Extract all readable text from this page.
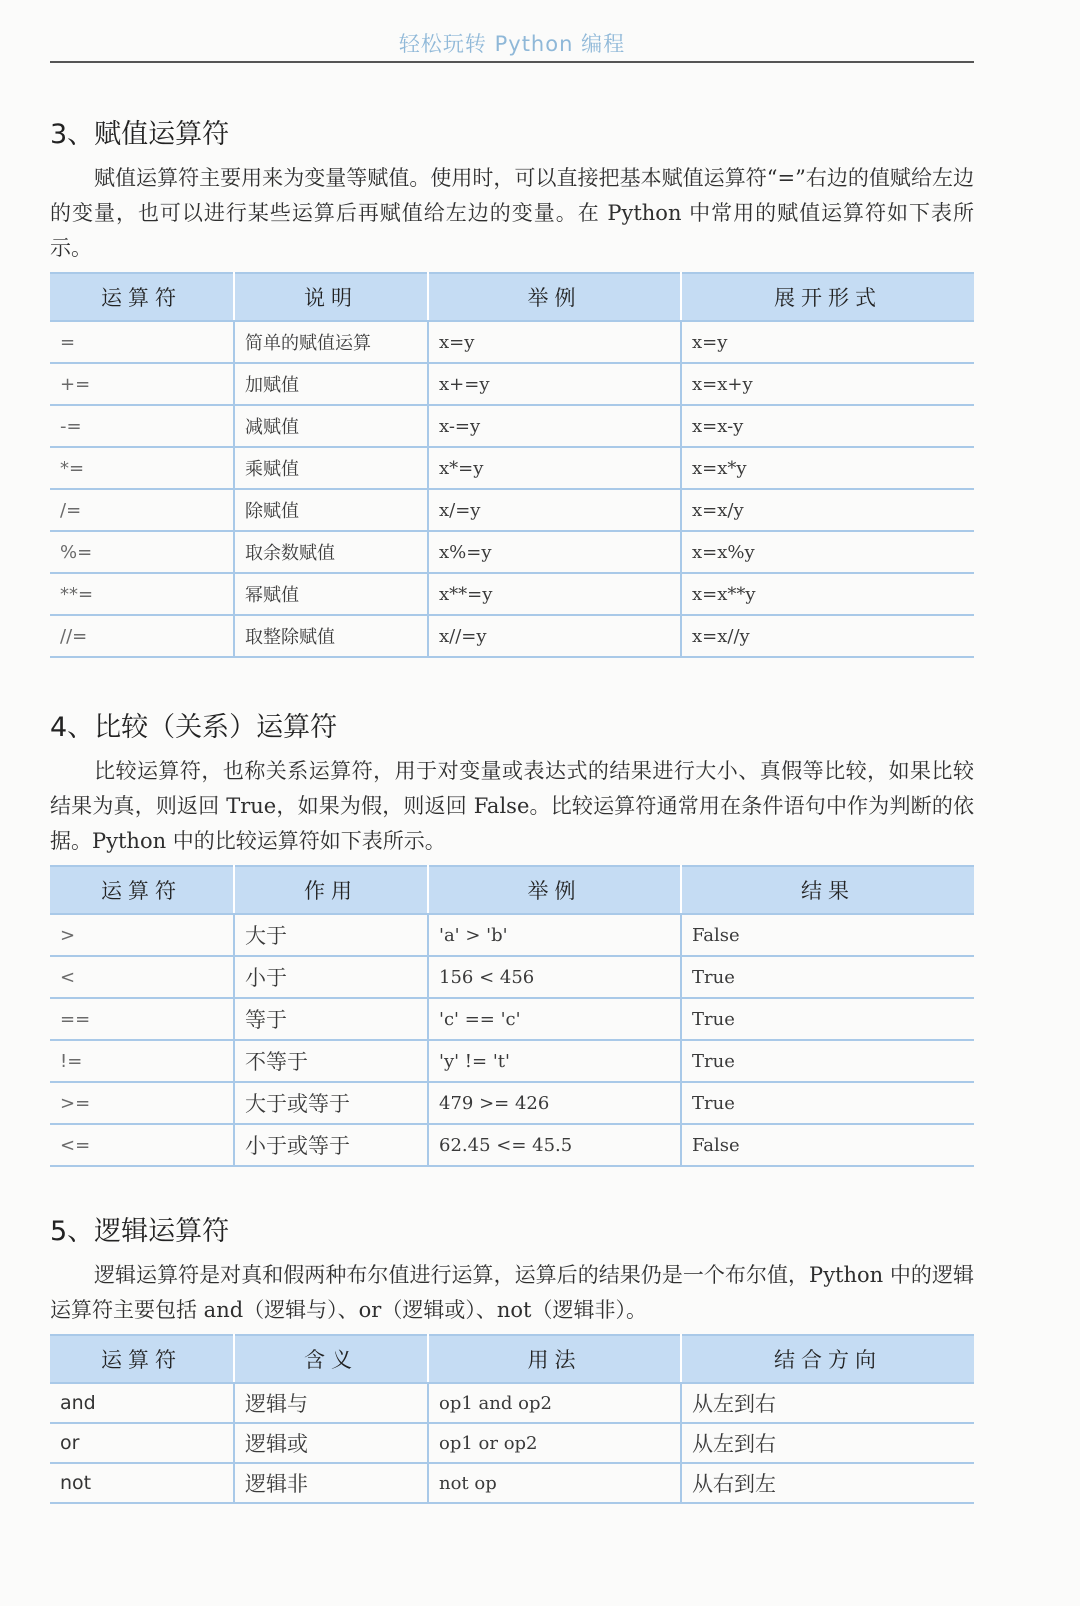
轻松玩转 Python 编程
3、赋值运算符

赋值运算符主要用来为变量等赋值。使用时，可以直接把基本赋值运算符“=”右边的值赋给左边的变量，也可以进行某些运算后再赋值给左边的变量。在 Python 中常用的赋值运算符如下表所示。

运算符	说明	举例	展开形式
=	简单的赋值运算	x=y	x=y
+=	加赋值	x+=y	x=x+y
-=	减赋值	x-=y	x=x-y
*=	乘赋值	x*=y	x=x*y
/=	除赋值	x/=y	x=x/y
%=	取余数赋值	x%=y	x=x%y
**=	幂赋值	x**=y	x=x**y
//=	取整除赋值	x//=y	x=x//y
4、比较（关系）运算符

比较运算符，也称关系运算符，用于对变量或表达式的结果进行大小、真假等比较，如果比较结果为真，则返回 True，如果为假，则返回 False。比较运算符通常用在条件语句中作为判断的依据。Python 中的比较运算符如下表所示。

运算符	作用	举例	结果
>	大于	'a' > 'b'	False
<	小于	156 < 456	True
==	等于	'c' == 'c'	True
!=	不等于	'y' != 't'	True
>=	大于或等于	479 >= 426	True
<=	小于或等于	62.45 <= 45.5	False
5、逻辑运算符

逻辑运算符是对真和假两种布尔值进行运算，运算后的结果仍是一个布尔值，Python 中的逻辑运算符主要包括 and（逻辑与）、or（逻辑或）、not（逻辑非）。

运算符	含义	用法	结合方向
and	逻辑与	op1 and op2	从左到右
or	逻辑或	op1 or op2	从左到右
not	逻辑非	not op	从右到左
